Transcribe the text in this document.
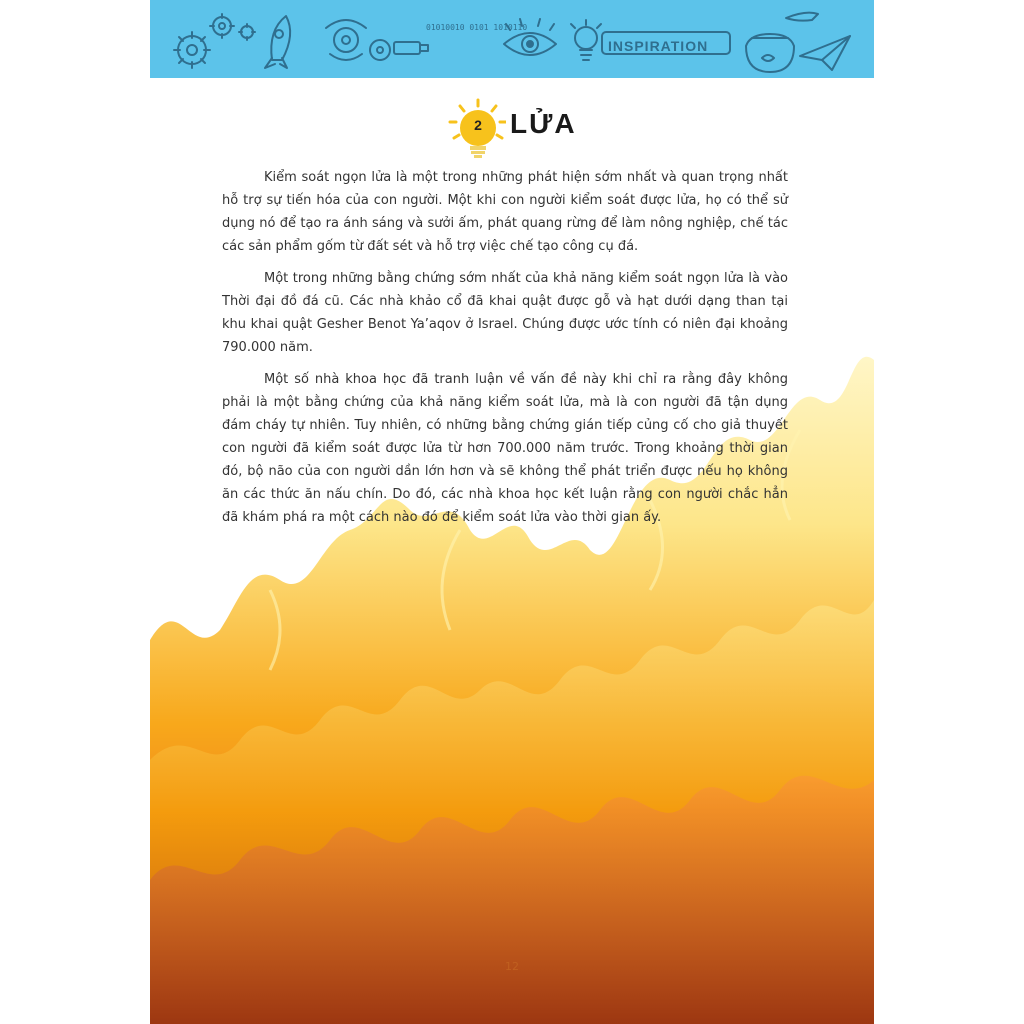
01010010 0101 1010110
INSPIRATION
2	LỬA

Kiểm soát ngọn lửa là một trong những phát hiện sớm nhất và quan trọng nhất hỗ trợ sự tiến hóa của con người. Một khi con người kiểm soát được lửa, họ có thể sử dụng nó để tạo ra ánh sáng và sưởi ấm, phát quang rừng để làm nông nghiệp, chế tác các sản phẩm gốm từ đất sét và hỗ trợ việc chế tạo công cụ đá.

Một trong những bằng chứng sớm nhất của khả năng kiểm soát ngọn lửa là vào Thời đại đồ đá cũ. Các nhà khảo cổ đã khai quật được gỗ và hạt dưới dạng than tại khu khai quật Gesher Benot Ya’aqov ở Israel. Chúng được ước tính có niên đại khoảng 790.000 năm.

Một số nhà khoa học đã tranh luận về vấn đề này khi chỉ ra rằng đây không phải là một bằng chứng của khả năng kiểm soát lửa, mà là con người đã tận dụng đám cháy tự nhiên. Tuy nhiên, có những bằng chứng gián tiếp củng cố cho giả thuyết con người đã kiểm soát được lửa từ hơn 700.000 năm trước. Trong khoảng thời gian đó, bộ não của con người dần lớn hơn và sẽ không thể phát triển được nếu họ không ăn các thức ăn nấu chín. Do đó, các nhà khoa học kết luận rằng con người chắc hẳn đã khám phá ra một cách nào đó để kiểm soát lửa vào thời gian ấy.

12
